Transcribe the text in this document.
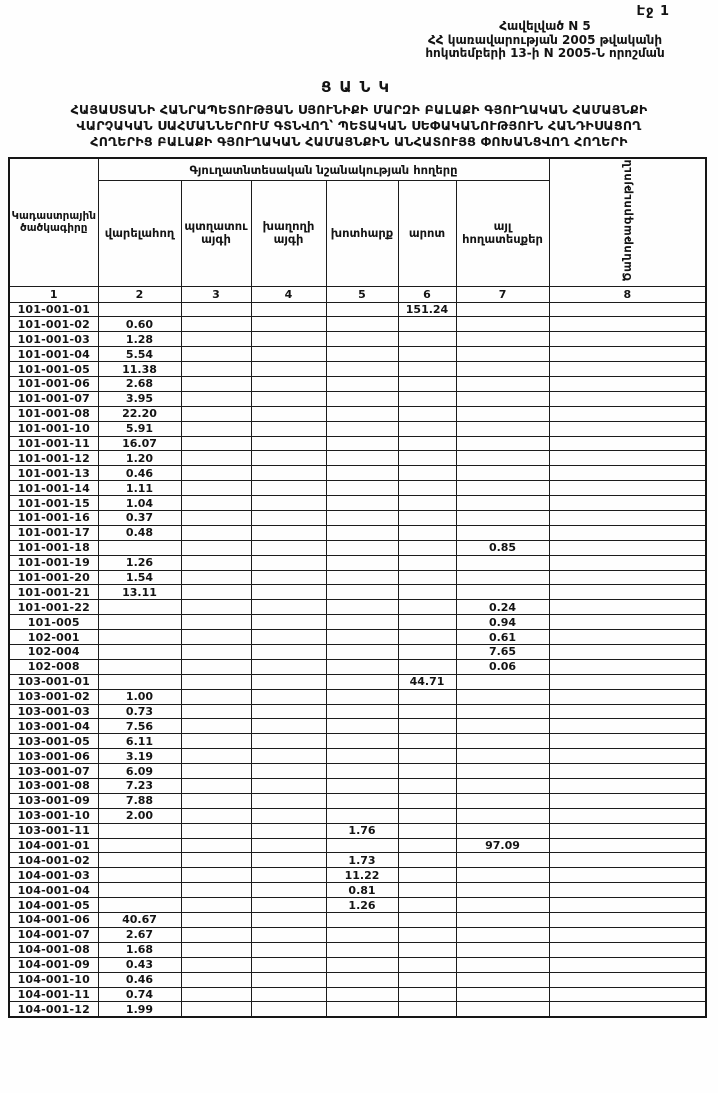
Էջ 1
Հավելված N 5
ՀՀ կառավարության 2005 թվականի
հոկտեմբերի 13-ի N 2005-Ն որոշման
ՑԱՆԿ
ՀԱՅԱՍՏԱՆԻ ՀԱՆՐԱՊԵՏՈՒԹՅԱՆ ՍՅՈՒՆԻՔԻ ՄԱՐԶԻ ԲԱԼԱՔԻ ԳՅՈՒՂԱԿԱՆ ՀԱՄԱՅՆՔԻ
ՎԱՐՉԱԿԱՆ ՍԱՀՄԱՆՆԵՐՈՒՄ ԳՏՆՎՈՂ՝ ՊԵՏԱԿԱՆ ՍԵՓԱԿԱՆՈՒԹՅՈՒՆ ՀԱՆԴԻՍԱՑՈՂ
ՀՈՂԵՐԻՑ ԲԱԼԱՔԻ ԳՅՈՒՂԱԿԱՆ ՀԱՄԱՅՆՔԻՆ ԱՆՀԱՏՈՒՅՑ ՓՈԽԱՆՑՎՈՂ ՀՈՂԵՐԻ
Կադաստրային ծածկագիրը	Գյուղատնտեսական նշանակության հողերը						Ծանոթագրություն
	վարելահող	պտղատու այգի	խաղողի այգի	խոտհարք	արոտ	այլ հողատեսքեր	
1	2	3	4	5	6	7	8
101-001-01					151.24		
101-001-02	0.60						
101-001-03	1.28						
101-001-04	5.54						
101-001-05	11.38						
101-001-06	2.68						
101-001-07	3.95						
101-001-08	22.20						
101-001-10	5.91						
101-001-11	16.07						
101-001-12	1.20						
101-001-13	0.46						
101-001-14	1.11						
101-001-15	1.04						
101-001-16	0.37						
101-001-17	0.48						
101-001-18						0.85	
101-001-19	1.26						
101-001-20	1.54						
101-001-21	13.11						
101-001-22						0.24	
101-005						0.94	
102-001						0.61	
102-004						7.65	
102-008						0.06	
103-001-01					44.71		
103-001-02	1.00						
103-001-03	0.73						
103-001-04	7.56						
103-001-05	6.11						
103-001-06	3.19						
103-001-07	6.09						
103-001-08	7.23						
103-001-09	7.88						
103-001-10	2.00						
103-001-11				1.76			
104-001-01						97.09	
104-001-02				1.73			
104-001-03				11.22			
104-001-04				0.81			
104-001-05				1.26			
104-001-06	40.67						
104-001-07	2.67						
104-001-08	1.68						
104-001-09	0.43						
104-001-10	0.46						
104-001-11	0.74						
104-001-12	1.99						
